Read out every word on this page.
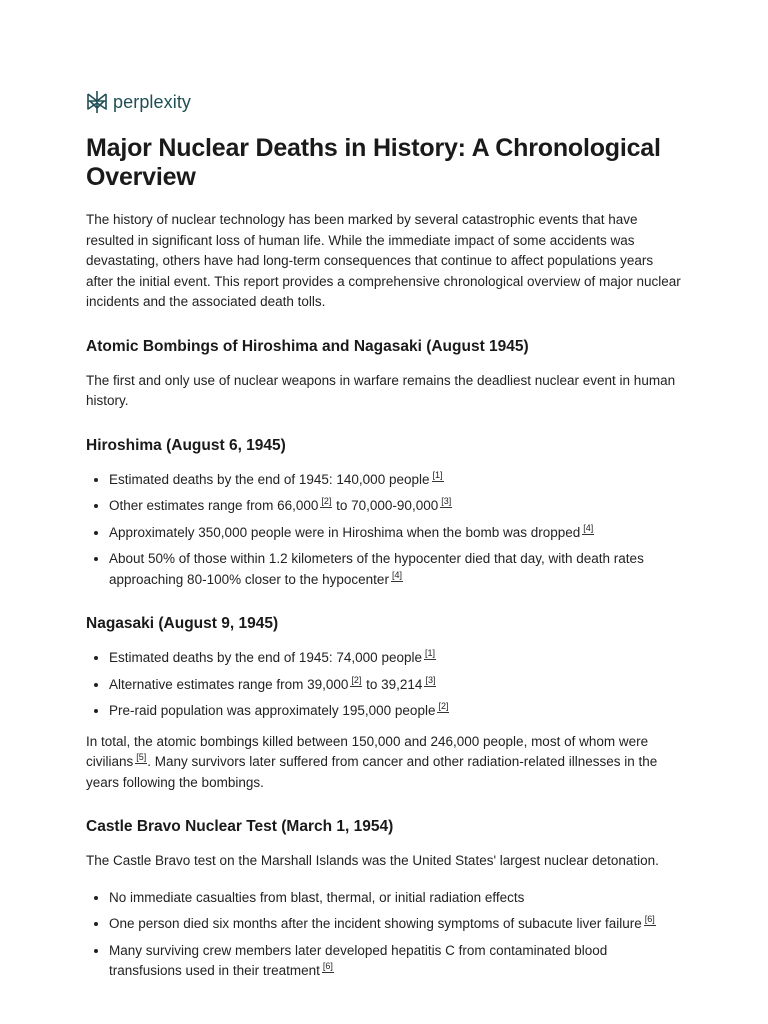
perplexity
Major Nuclear Deaths in History: A Chronological Overview

The history of nuclear technology has been marked by several catastrophic events that have resulted in significant loss of human life. While the immediate impact of some accidents was devastating, others have had long-term consequences that continue to affect populations years after the initial event. This report provides a comprehensive chronological overview of major nuclear incidents and the associated death tolls.

Atomic Bombings of Hiroshima and Nagasaki (August 1945)

The first and only use of nuclear weapons in warfare remains the deadliest nuclear event in human history.

Hiroshima (August 6, 1945)
• Estimated deaths by the end of 1945: 140,000 people [1]
• Other estimates range from 66,000 [2] to 70,000-90,000 [3]
• Approximately 350,000 people were in Hiroshima when the bomb was dropped [4]
• About 50% of those within 1.2 kilometers of the hypocenter died that day, with death rates approaching 80-100% closer to the hypocenter [4]
Nagasaki (August 9, 1945)
• Estimated deaths by the end of 1945: 74,000 people [1]
• Alternative estimates range from 39,000 [2] to 39,214 [3]
• Pre-raid population was approximately 195,000 people [2]

In total, the atomic bombings killed between 150,000 and 246,000 people, most of whom were civilians [5]. Many survivors later suffered from cancer and other radiation-related illnesses in the years following the bombings.

Castle Bravo Nuclear Test (March 1, 1954)

The Castle Bravo test on the Marshall Islands was the United States' largest nuclear detonation.

• No immediate casualties from blast, thermal, or initial radiation effects
• One person died six months after the incident showing symptoms of subacute liver failure [6]
• Many surviving crew members later developed hepatitis C from contaminated blood transfusions used in their treatment [6]
